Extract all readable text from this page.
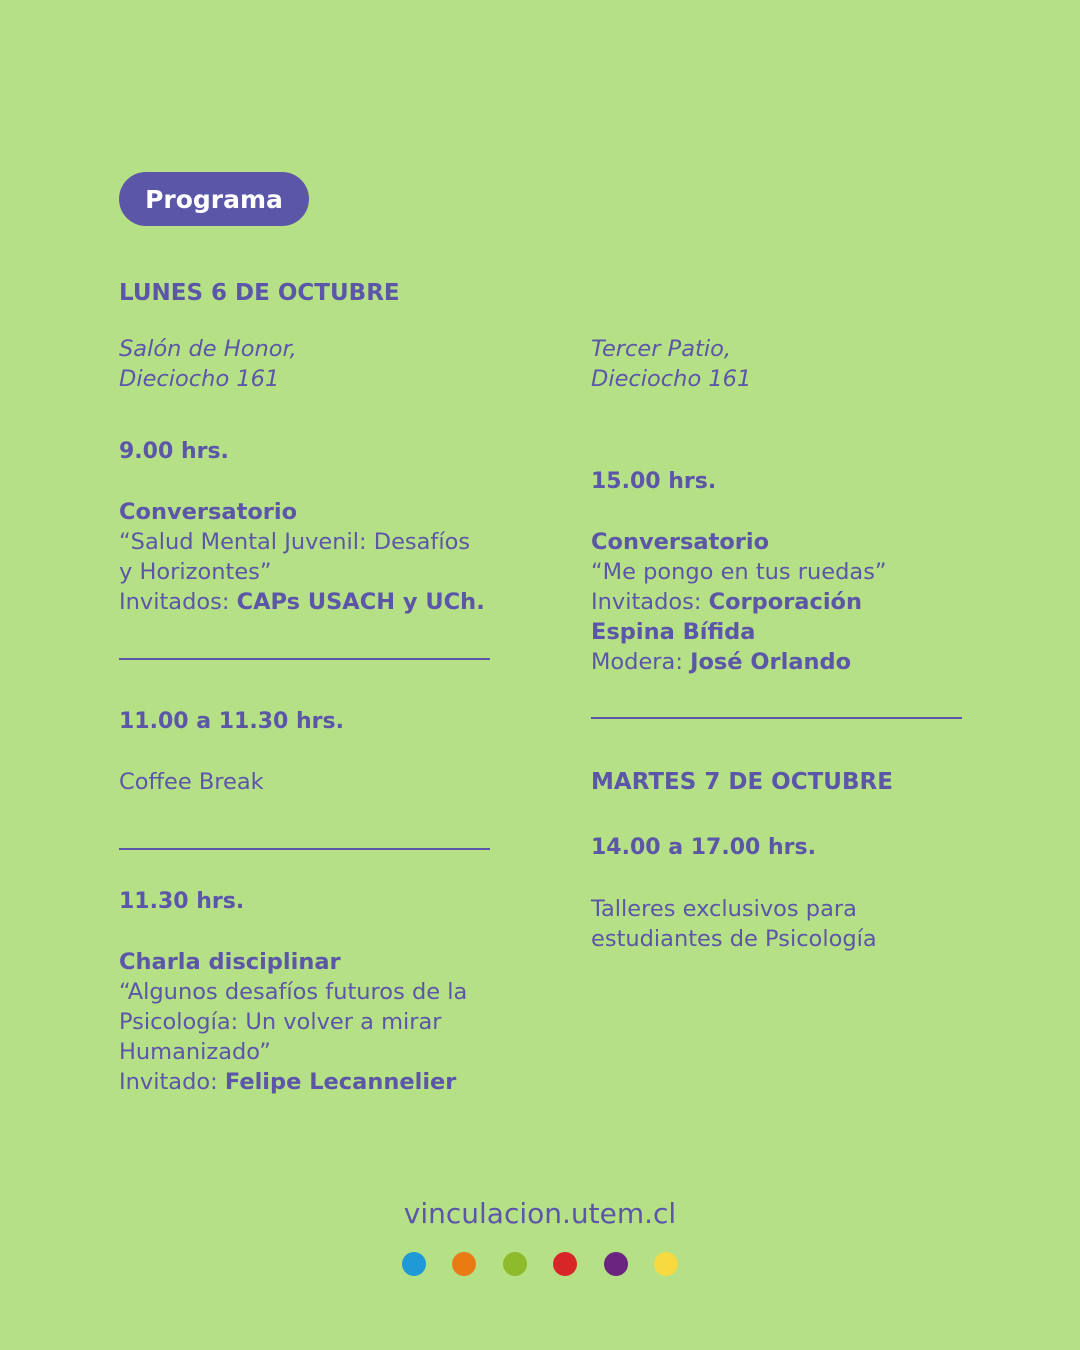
Programa
LUNES 6 DE OCTUBRE
Salón de Honor,
Dieciocho 161
9.00 hrs.
Conversatorio
“Salud Mental Juvenil: Desafíos
y Horizontes”
Invitados: CAPs USACH y UCh.
11.00 a 11.30 hrs.
Coffee Break
11.30 hrs.
Charla disciplinar
“Algunos desafíos futuros de la
Psicología: Un volver a mirar
Humanizado”
Invitado: Felipe Lecannelier
Tercer Patio,
Dieciocho 161
15.00 hrs.
Conversatorio
“Me pongo en tus ruedas”
Invitados: Corporación
Espina Bífida
Modera: José Orlando
MARTES 7 DE OCTUBRE
14.00 a 17.00 hrs.
Talleres exclusivos para
estudiantes de Psicología
vinculacion.utem.cl
